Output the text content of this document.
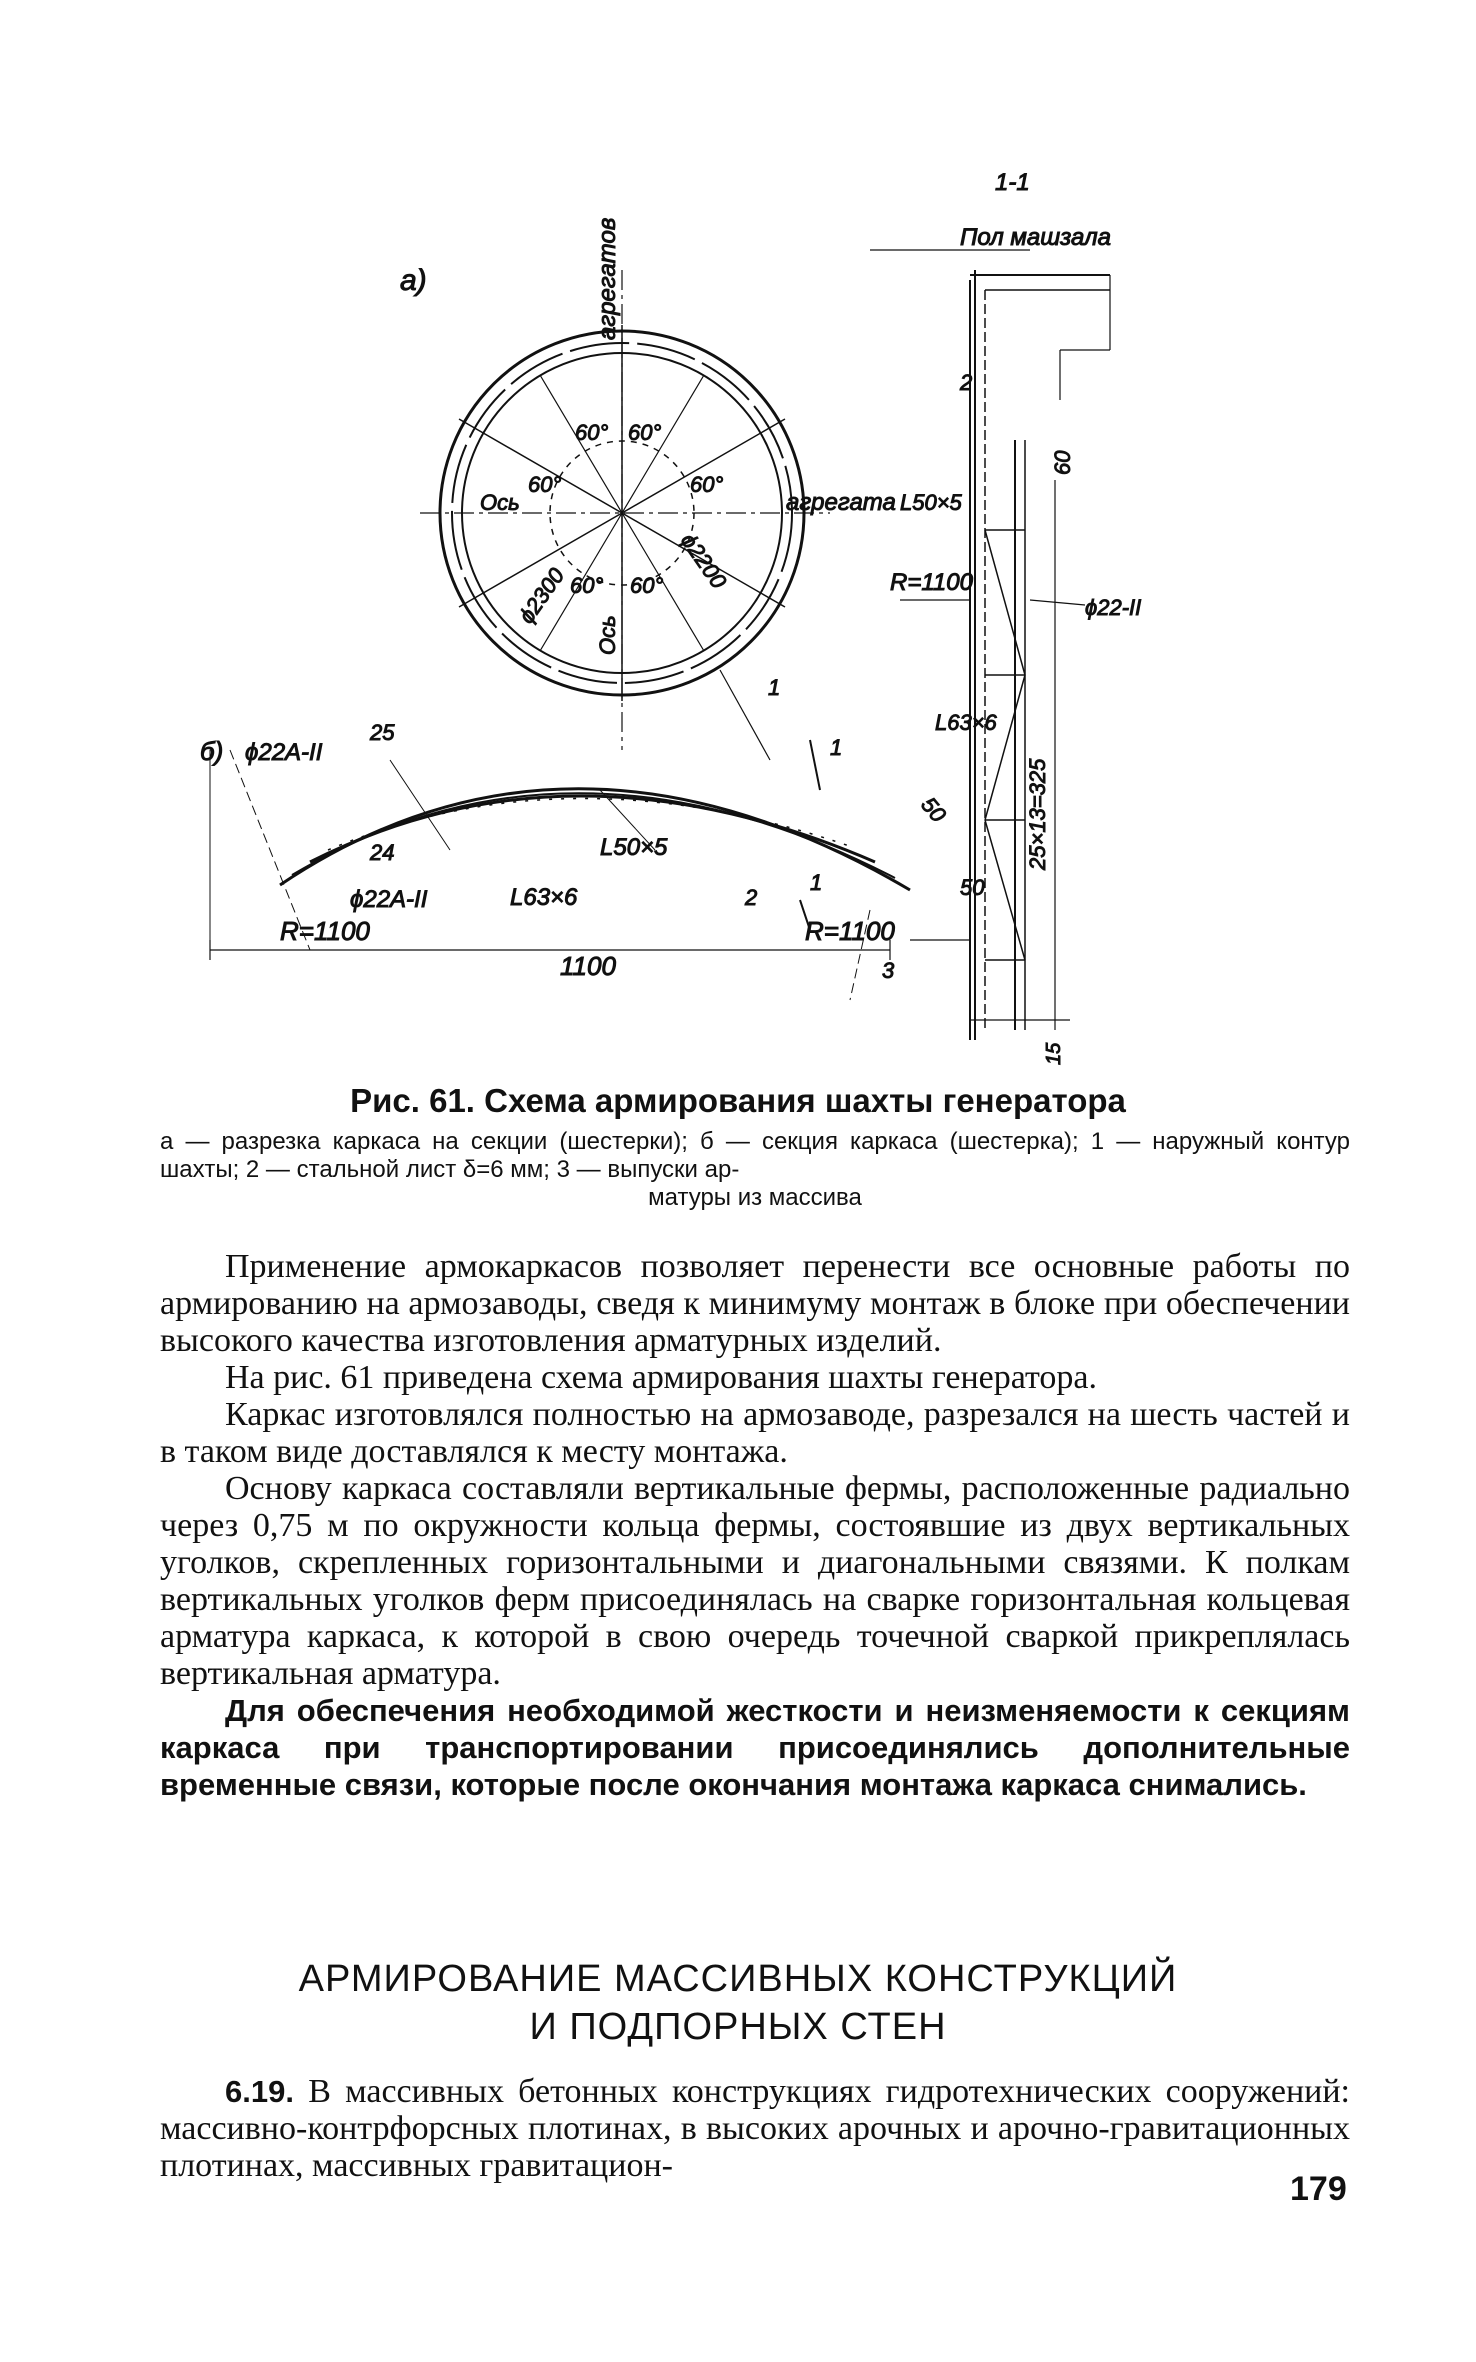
а)	агрегатов
Ось	агрегата
Ось
60° 60°
60°	60°
60° 60°
ϕ2300
ϕ2200
1
б) ϕ22A-II
25
24	L50×5
ϕ22A-II	L63×6	2
50
R=1100	R=1100
1100	3
1
1
1-1
Пол машзала
2
L50×5
60
R=1100
ϕ22-II
L63×6
25×13=325
50
15
Рис. 61. Схема армирования шахты генератора
а — разрезка каркаса на секции (шестерки); б — секция каркаса (шестерка); 1 — наружный контур шахты; 2 — стальной лист δ=6 мм; 3 — выпуски ар-
матуры из массива

Применение армокаркасов позволяет перенести все основные работы по армированию на армозаводы, сведя к минимуму монтаж в блоке при обеспечении высокого качества изготовления арматурных изделий.

На рис. 61 приведена схема армирования шахты генератора.

Каркас изготовлялся полностью на армозаводе, разрезался на шесть частей и в таком виде доставлялся к месту монтажа.

Основу каркаса составляли вертикальные фермы, расположенные радиально через 0,75 м по окружности кольца фермы, состоявшие из двух вертикальных уголков, скрепленных горизонтальными и диагональными связями. К полкам вертикальных уголков ферм присоединялась на сварке горизонтальная кольцевая арматура каркаса, к которой в свою очередь точечной сваркой прикреплялась вертикальная арматура.

Для обеспечения необходимой жесткости и неизменяемости к секциям каркаса при транспортировании присоединялись дополнительные временные связи, которые после окончания монтажа каркаса снимались.

АРМИРОВАНИЕ МАССИВНЫХ КОНСТРУКЦИЙ
И ПОДПОРНЫХ СТЕН

6.19. В массивных бетонных конструкциях гидротехнических сооружений: массивно-контрфорсных плотинах, в высоких арочных и арочно-гравитационных плотинах, массивных гравитацион-

179
